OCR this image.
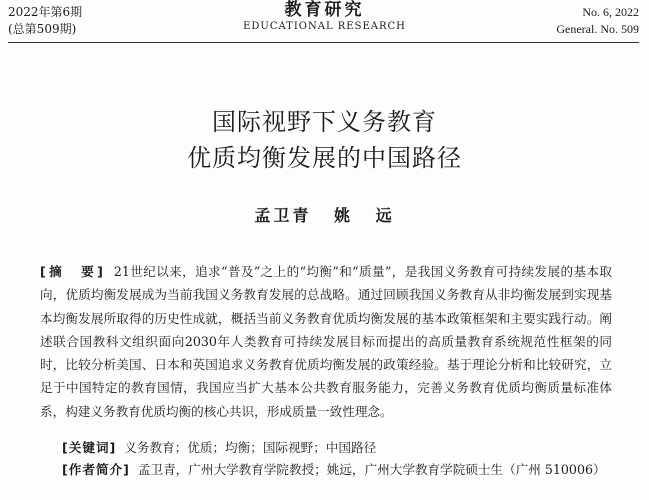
2022年第6期
(总第509期)
教育研究
EDUCATIONAL RESEARCH
No. 6, 2022
General. No. 509
国际视野下义务教育
优质均衡发展的中国路径
孟卫青 姚 远
[摘　要] 21世纪以来，追求“普及”之上的“均衡”和“质量”，是我国义务教育可持续发展的基本取向，优质均衡发展成为当前我国义务教育发展的总战略。通过回顾我国义务教育从非均衡发展到实现基本均衡发展所取得的历史性成就，概括当前义务教育优质均衡发展的基本政策框架和主要实践行动。阐述联合国教科文组织面向2030年人类教育可持续发展目标而提出的高质量教育系统规范性框架的同时，比较分析美国、日本和英国追求义务教育优质均衡发展的政策经验。基于理论分析和比较研究，立足于中国特定的教育国情，我国应当扩大基本公共教育服务能力，完善义务教育优质均衡质量标准体系，构建义务教育优质均衡的核心共识，形成质量一致性理念。
[关键词] 义务教育；优质；均衡；国际视野；中国路径
[作者简介] 孟卫青，广州大学教育学院教授；姚远，广州大学教育学院硕士生（广州 510006）
